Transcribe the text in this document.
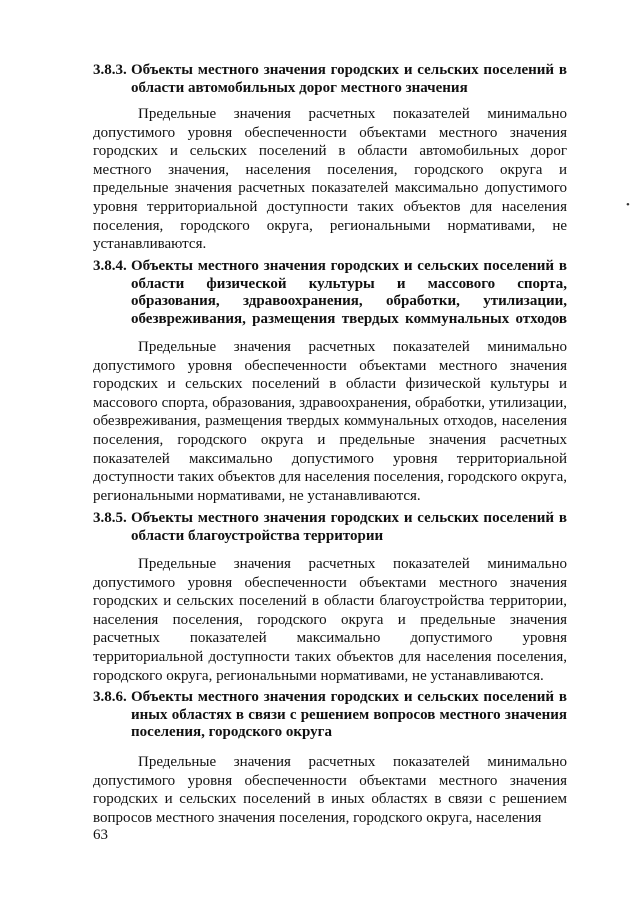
3.8.3. Объекты местного значения городских и сельских поселений в области автомобильных дорог местного значения

Предельные значения расчетных показателей минимально допустимого уровня обеспеченности объектами местного значения городских и сельских поселений в области автомобильных дорог местного значения, населения поселения, городского округа и предельные значения расчетных показателей максимально допустимого уровня территориальной доступности таких объектов для населения поселения, городского округа, региональными нормативами, не устанавливаются.

3.8.4. Объекты местного значения городских и сельских поселений в области физической культуры и массового спорта, образования, здравоохранения, обработки, утилизации, обезвреживания, размещения твердых коммунальных отходов

Предельные значения расчетных показателей минимально допустимого уровня обеспеченности объектами местного значения городских и сельских поселений в области физической культуры и массового спорта, образования, здравоохранения, обработки, утилизации, обезвреживания, размещения твердых коммунальных отходов, населения поселения, городского округа и предельные значения расчетных показателей максимально допустимого уровня территориальной доступности таких объектов для населения поселения, городского округа, региональными нормативами, не устанавливаются.

3.8.5. Объекты местного значения городских и сельских поселений в области благоустройства территории

Предельные значения расчетных показателей минимально допустимого уровня обеспеченности объектами местного значения городских и сельских поселений в области благоустройства территории, населения поселения, городского округа и предельные значения расчетных показателей максимально допустимого уровня территориальной доступности таких объектов для населения поселения, городского округа, региональными нормативами, не устанавливаются.

3.8.6. Объекты местного значения городских и сельских поселений в иных областях в связи с решением вопросов местного значения поселения, городского округа

Предельные значения расчетных показателей минимально допустимого уровня обеспеченности объектами местного значения городских и сельских поселений в иных областях в связи с решением вопросов местного значения поселения, городского округа, населения

63
•
